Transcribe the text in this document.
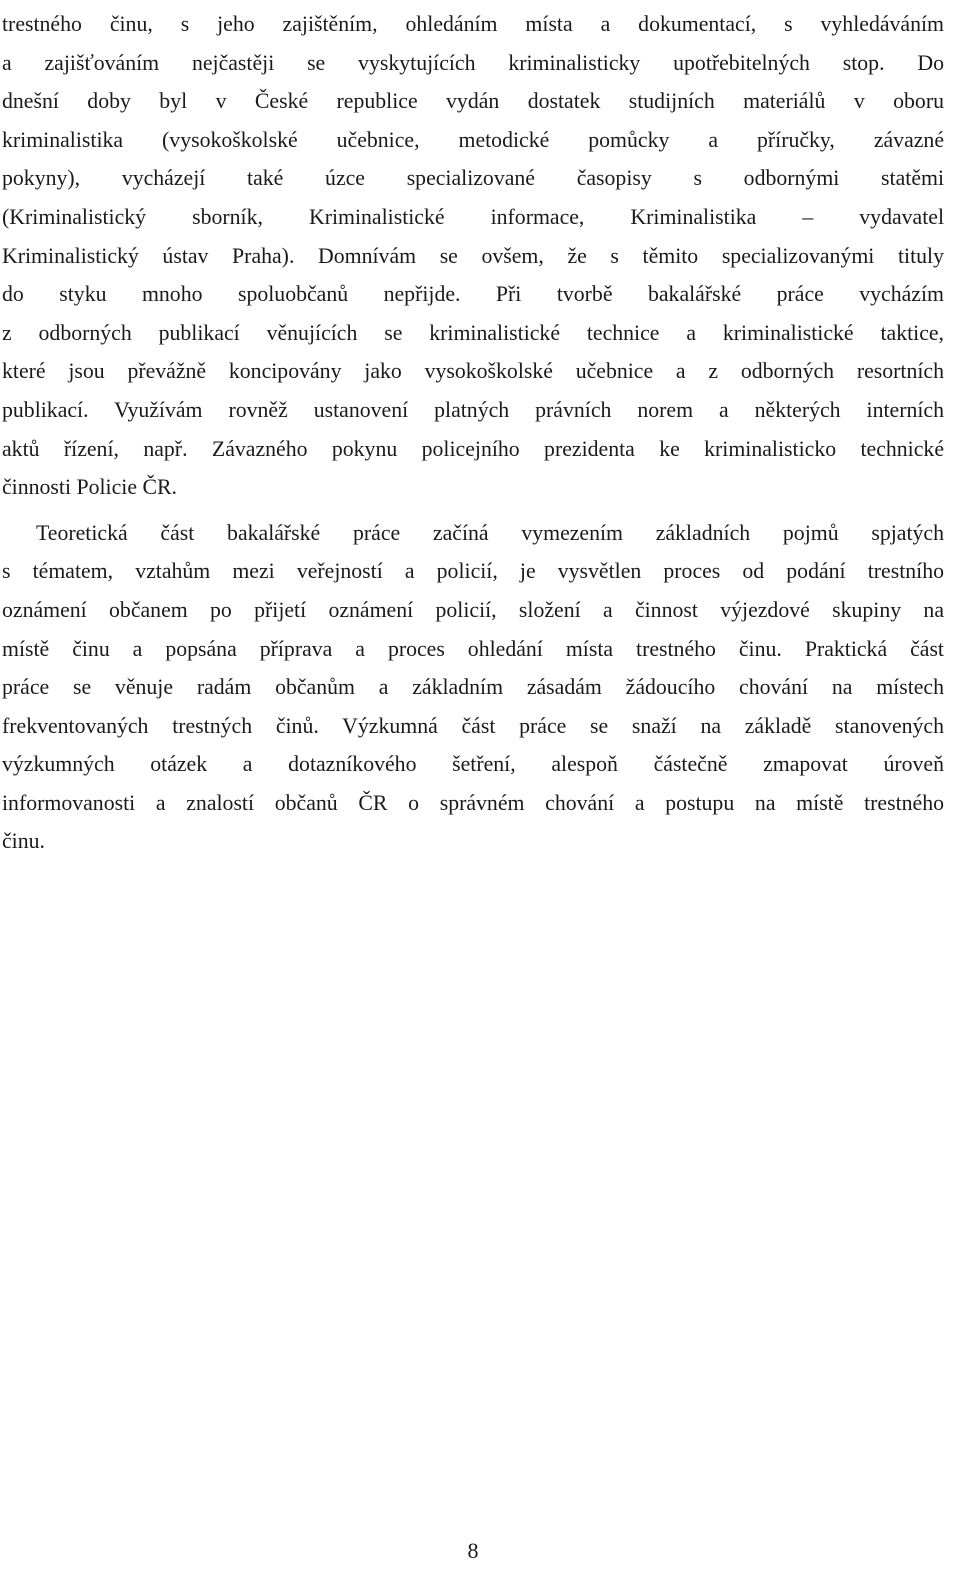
trestného činu, s jeho zajištěním, ohledáním místa a dokumentací, s vyhledáváním
a zajišťováním nejčastěji se vyskytujících kriminalisticky upotřebitelných stop. Do
dnešní doby byl v České republice vydán dostatek studijních materiálů v oboru
kriminalistika (vysokoškolské učebnice, metodické pomůcky a příručky, závazné
pokyny), vycházejí také úzce specializované časopisy s odbornými statěmi
(Kriminalistický sborník, Kriminalistické informace, Kriminalistika – vydavatel
Kriminalistický ústav Praha). Domnívám se ovšem, že s těmito specializovanými tituly
do styku mnoho spoluobčanů nepřijde. Při tvorbě bakalářské práce vycházím
z odborných publikací věnujících se kriminalistické technice a kriminalistické taktice,
které jsou převážně koncipovány jako vysokoškolské učebnice a z odborných resortních
publikací. Využívám rovněž ustanovení platných právních norem a některých interních
aktů řízení, např. Závazného pokynu policejního prezidenta ke kriminalisticko technické
činnosti Policie ČR.

Teoretická část bakalářské práce začíná vymezením základních pojmů spjatých
s tématem, vztahům mezi veřejností a policií, je vysvětlen proces od podání trestního
oznámení občanem po přijetí oznámení policií, složení a činnost výjezdové skupiny na
místě činu a popsána příprava a proces ohledání místa trestného činu. Praktická část
práce se věnuje radám občanům a základním zásadám žádoucího chování na místech
frekventovaných trestných činů. Výzkumná část práce se snaží na základě stanovených
výzkumných otázek a dotazníkového šetření, alespoň částečně zmapovat úroveň
informovanosti a znalostí občanů ČR o správném chování a postupu na místě trestného
činu.

8
